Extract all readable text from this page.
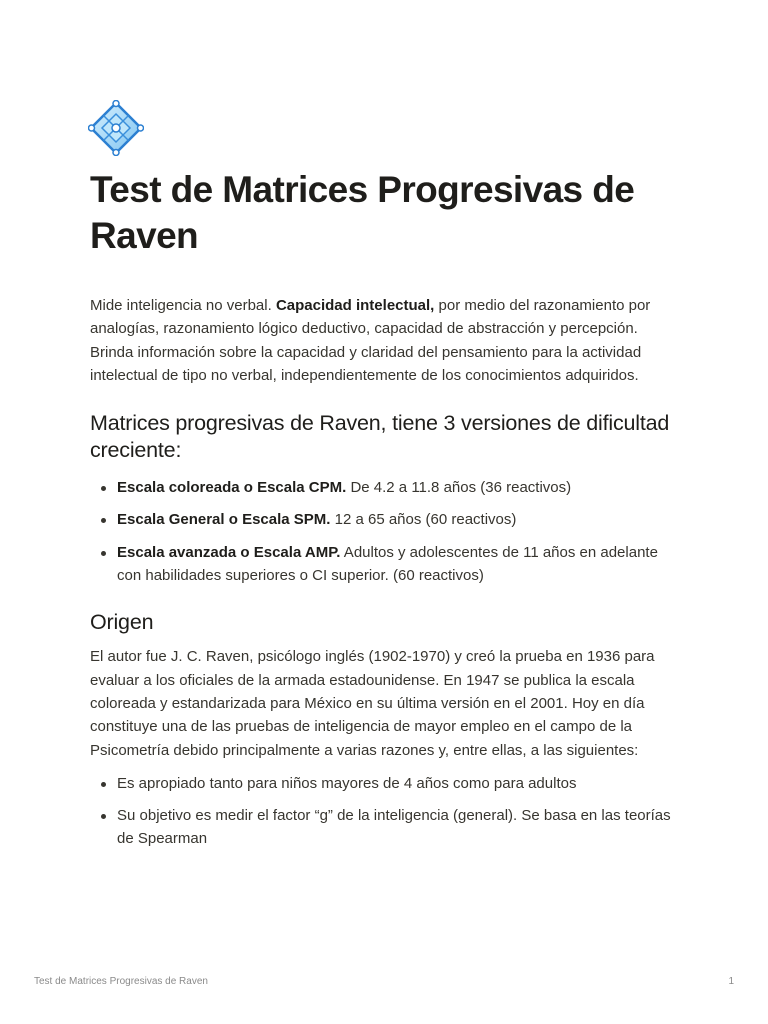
Test de Matrices Progresivas de Raven

Mide inteligencia no verbal. Capacidad intelectual, por medio del razonamiento por analogías, razonamiento lógico deductivo, capacidad de abstracción y percepción. Brinda información sobre la capacidad y claridad del pensamiento para la actividad intelectual de tipo no verbal, independientemente de los conocimientos adquiridos.

Matrices progresivas de Raven, tiene 3 versiones de dificultad creciente:
Escala coloreada o Escala CPM. De 4.2 a 11.8 años (36 reactivos)
Escala General o Escala SPM. 12 a 65 años (60 reactivos)
Escala avanzada o Escala AMP. Adultos y adolescentes de 11 años en adelante con habilidades superiores o CI superior. (60 reactivos)
Origen

El autor fue J. C. Raven, psicólogo inglés (1902-1970) y creó la prueba en 1936 para evaluar a los oficiales de la armada estadounidense. En 1947 se publica la escala coloreada y estandarizada para México en su última versión en el 2001. Hoy en día constituye una de las pruebas de inteligencia de mayor empleo en el campo de la Psicometría debido principalmente a varias razones y, entre ellas, a las siguientes:

Es apropiado tanto para niños mayores de 4 años como para adultos
Su objetivo es medir el factor “g” de la inteligencia (general). Se basa en las teorías de Spearman
Test de Matrices Progresivas de Raven	1
